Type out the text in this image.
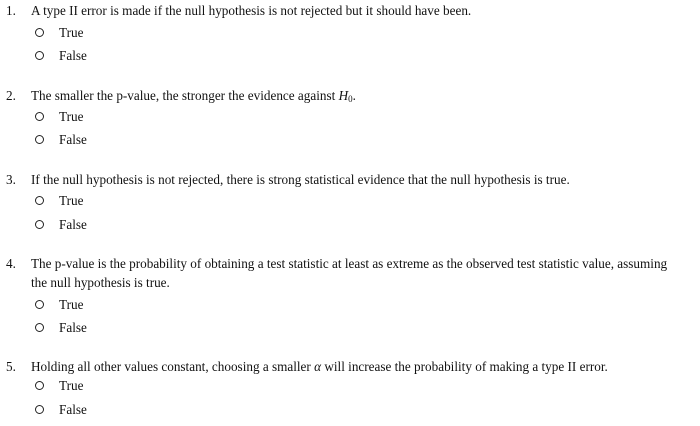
1.	A type II error is made if the null hypothesis is not rejected but it should have been.
True
False
2.	The smaller the p-value, the stronger the evidence against $H_0$.
True
False
3.	If the null hypothesis is not rejected, there is strong statistical evidence that the null hypothesis is true.
True
False
4.	The p-value is the probability of obtaining a test statistic at least as extreme as the observed test statistic value, assuming
the null hypothesis is true.
True
False
5.	Holding all other values constant, choosing a smaller α will increase the probability of making a type II error.
True
False
